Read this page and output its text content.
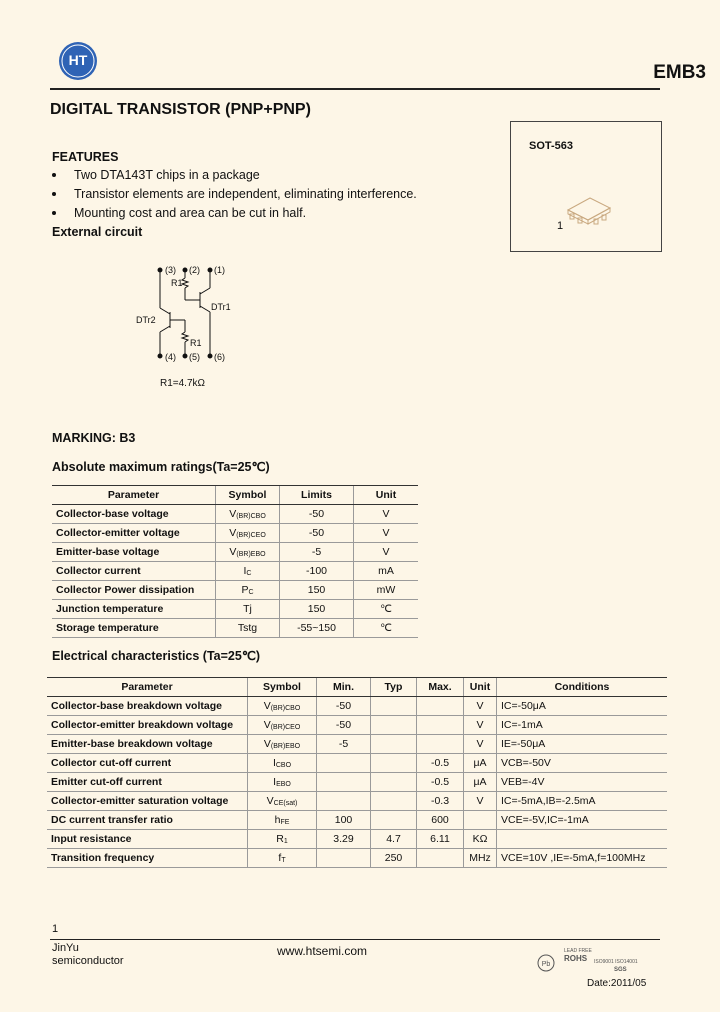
HT
EMB3
DIGITAL TRANSISTOR (PNP+PNP)
FEATURES
Two DTA143T chips in a package
Transistor elements are independent, eliminating interference.
Mounting cost and area can be cut in half.
External circuit
SOT-563
1
(3) (2) (1)
(4) (5) (6)
R1
R1
DTr1
DTr2
R1=4.7kΩ
MARKING: B3
Absolute maximum ratings(Ta=25℃)
Parameter	Symbol	Limits	Unit
Collector-base voltage	$V_{(BR)CBO}$	-50	V
Collector-emitter voltage	$V_{(BR)CEO}$	-50	V
Emitter-base voltage	$V_{(BR)EBO}$	-5	V
Collector current	$I_C$	-100	mA
Collector Power dissipation	$P_C$	150	mW
Junction temperature	Tj	150	℃
Storage temperature	Tstg	-55~150	℃
Electrical characteristics (Ta=25℃)
Parameter	Symbol	Min.	Typ	Max.	Unit	Conditions
Collector-base breakdown voltage	$V_{(BR)CBO}$	-50			V	IC=-50μA
Collector-emitter breakdown voltage	$V_{(BR)CEO}$	-50			V	IC=-1mA
Emitter-base breakdown voltage	$V_{(BR)EBO}$	-5			V	IE=-50μA
Collector cut-off current	$I_{CBO}$			-0.5	μA	VCB=-50V
Emitter cut-off current	$I_{EBO}$			-0.5	μA	VEB=-4V
Collector-emitter saturation voltage	$V_{CE(sat)}$			-0.3	V	IC=-5mA,IB=-2.5mA
DC current transfer ratio	$h_{FE}$	100		600		VCE=-5V,IC=-1mA
Input resistance	$R_1$	3.29	4.7	6.11	KΩ	
Transition frequency	$f_T$		250		MHz	VCE=10V ,IE=-5mA,f=100MHz
1
JinYu
semiconductor
www.htsemi.com
Pb
LEAD FREE
ROHS ISO9001 ISO14001
SGS
Date:2011/05
